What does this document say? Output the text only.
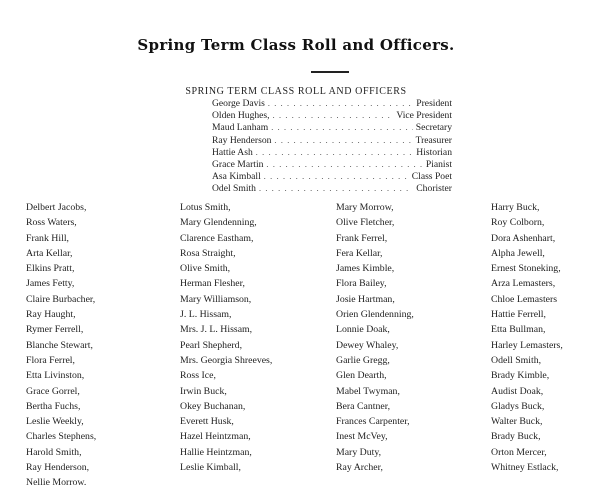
Spring Term Class Roll and Officers.
SPRING TERM CLASS ROLL AND OFFICERS
George Davis . . .	President
Olden Hughes, . . .	Vice President
Maud Lanham . . .	Secretary
Ray Henderson . . .	Treasurer
Hattie Ash . . .	Historian
Grace Martin . . .	Pianist
Asa Kimball . . .	Class Poet
Odel Smith . . .	Chorister
Delbert Jacobs,
Ross Waters,
Frank Hill,
Arta Kellar,
Elkins Pratt,
James Fetty,
Claire Burbacher,
Ray Haught,
Rymer Ferrell,
Blanche Stewart,
Flora Ferrel,
Etta Livinston,
Grace Gorrel,
Bertha Fuchs,
Leslie Weekly,
Charles Stephens,
Harold Smith,
Ray Henderson,
Nellie Morrow.
Lotus Smith,
Mary Glendenning,
Clarence Eastham,
Rosa Straight,
Olive Smith,
Herman Flesher,
Mary Williamson,
J. L. Hissam,
Mrs. J. L. Hissam,
Pearl Shepherd,
Mrs. Georgia Shreeves,
Ross Ice,
Irwin Buck,
Okey Buchanan,
Everett Husk,
Hazel Heintzman,
Hallie Heintzman,
Leslie Kimball,
Mary Morrow,
Olive Fletcher,
Frank Ferrel,
Fera Kellar,
James Kimble,
Flora Bailey,
Josie Hartman,
Orien Glendenning,
Lonnie Doak,
Dewey Whaley,
Garlie Gregg,
Glen Dearth,
Mabel Twyman,
Bera Cantner,
Frances Carpenter,
Inest McVey,
Mary Duty,
Ray Archer,
Harry Buck,
Roy Colborn,
Dora Ashenhart,
Alpha Jewell,
Ernest Stoneking,
Arza Lemasters,
Chloe Lemasters
Hattie Ferrell,
Etta Bullman,
Harley Lemasters,
Odell Smith,
Brady Kimble,
Audist Doak,
Gladys Buck,
Walter Buck,
Brady Buck,
Orton Mercer,
Whitney Estlack,
